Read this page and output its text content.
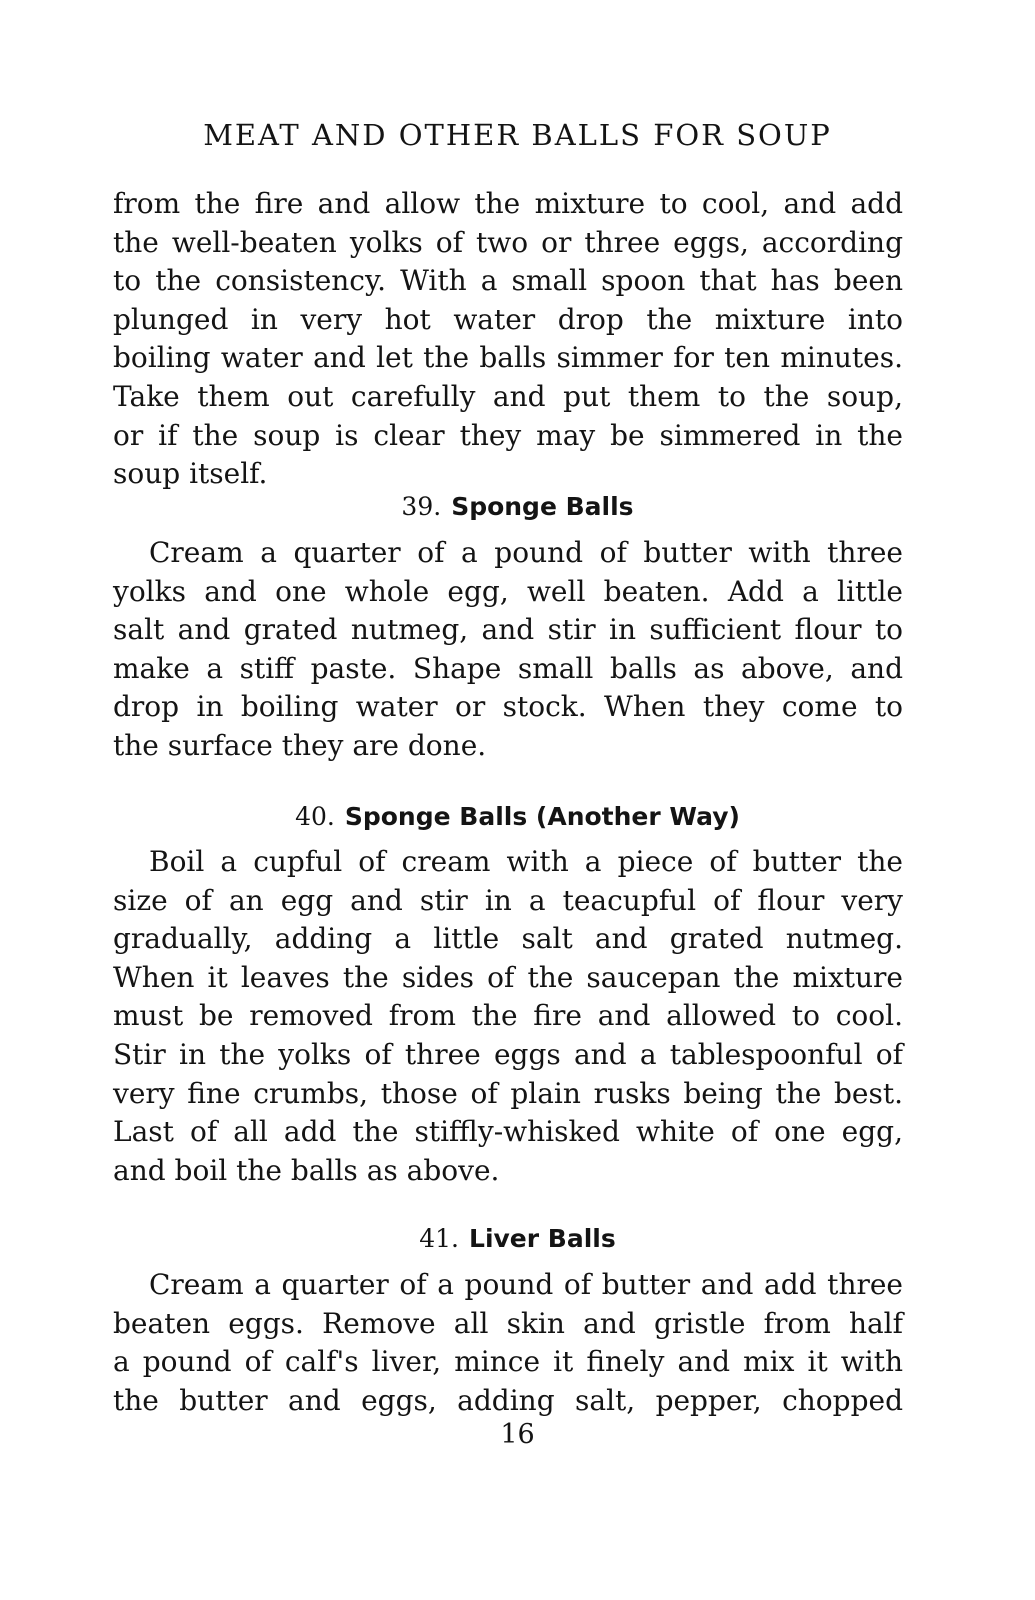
MEAT AND OTHER BALLS FOR SOUP
from the fire and allow the mixture to cool, and add
the well-beaten yolks of two or three eggs, according
to the consistency. With a small spoon that has been
plunged in very hot water drop the mixture into
boiling water and let the balls simmer for ten minutes.
Take them out carefully and put them to the soup,
or if the soup is clear they may be simmered in the
soup itself.
39. Sponge Balls
Cream a quarter of a pound of butter with three
yolks and one whole egg, well beaten. Add a little
salt and grated nutmeg, and stir in sufficient flour to
make a stiff paste. Shape small balls as above, and
drop in boiling water or stock. When they come to
the surface they are done.
40. Sponge Balls (Another Way)
Boil a cupful of cream with a piece of butter the
size of an egg and stir in a teacupful of flour very
gradually, adding a little salt and grated nutmeg.
When it leaves the sides of the saucepan the mixture
must be removed from the fire and allowed to cool.
Stir in the yolks of three eggs and a tablespoonful of
very fine crumbs, those of plain rusks being the best.
Last of all add the stiffly-whisked white of one egg,
and boil the balls as above.
41. Liver Balls
Cream a quarter of a pound of butter and add three
beaten eggs. Remove all skin and gristle from half
a pound of calf's liver, mince it finely and mix it with
the butter and eggs, adding salt, pepper, chopped
16
